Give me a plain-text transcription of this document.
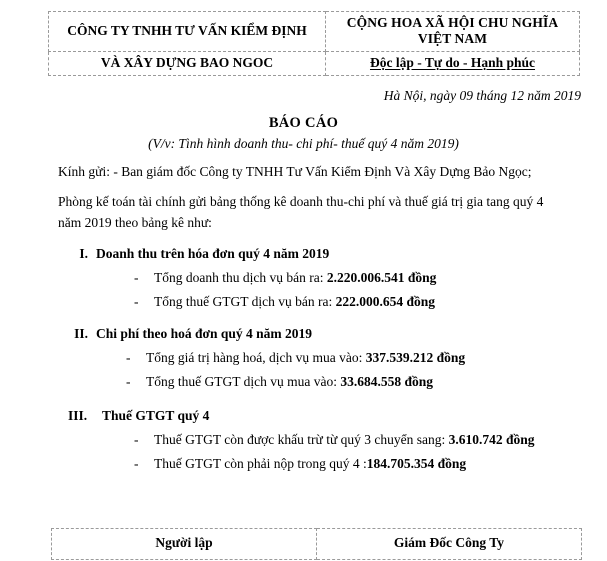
CÔNG TY TNHH TƯ VẤN KIỂM ĐỊNH	CỘNG HOA XÃ HỘI CHU NGHĨA VIỆT NAM
VÀ XÂY DỰNG BAO NGOC	Độc lập - Tự do - Hạnh phúc
Hà Nội, ngày 09 tháng 12 năm 2019
BÁO CÁO
(V/v: Tình hình doanh thu- chi phí- thuế quý 4 năm 2019)
Kính gửi: - Ban giám đốc Công ty TNHH Tư Vấn Kiểm Định Và Xây Dựng Bảo Ngọc;
Phòng kế toán tài chính gửi bảng thống kê doanh thu-chi phí và thuế giá trị gia tang quý 4 năm 2019 theo bảng kê như:
I. Doanh thu trên hóa đơn quý 4 năm 2019
-	Tổng doanh thu dịch vụ bán ra: 2.220.006.541 đồng
-	Tổng thuế GTGT dịch vụ bán ra: 222.000.654 đồng
II. Chi phí theo hoá đơn quý 4 năm 2019
-	Tổng giá trị hàng hoá, dịch vụ mua vào: 337.539.212 đồng
-	Tổng thuế GTGT dịch vụ mua vào: 33.684.558 đồng
III.	Thuế GTGT quý 4
-	Thuế GTGT còn được khấu trừ từ quý 3 chuyển sang: 3.610.742 đồng
-	Thuế GTGT còn phải nộp trong quý 4 :184.705.354 đồng
Người lập	Giám Đốc Công Ty
